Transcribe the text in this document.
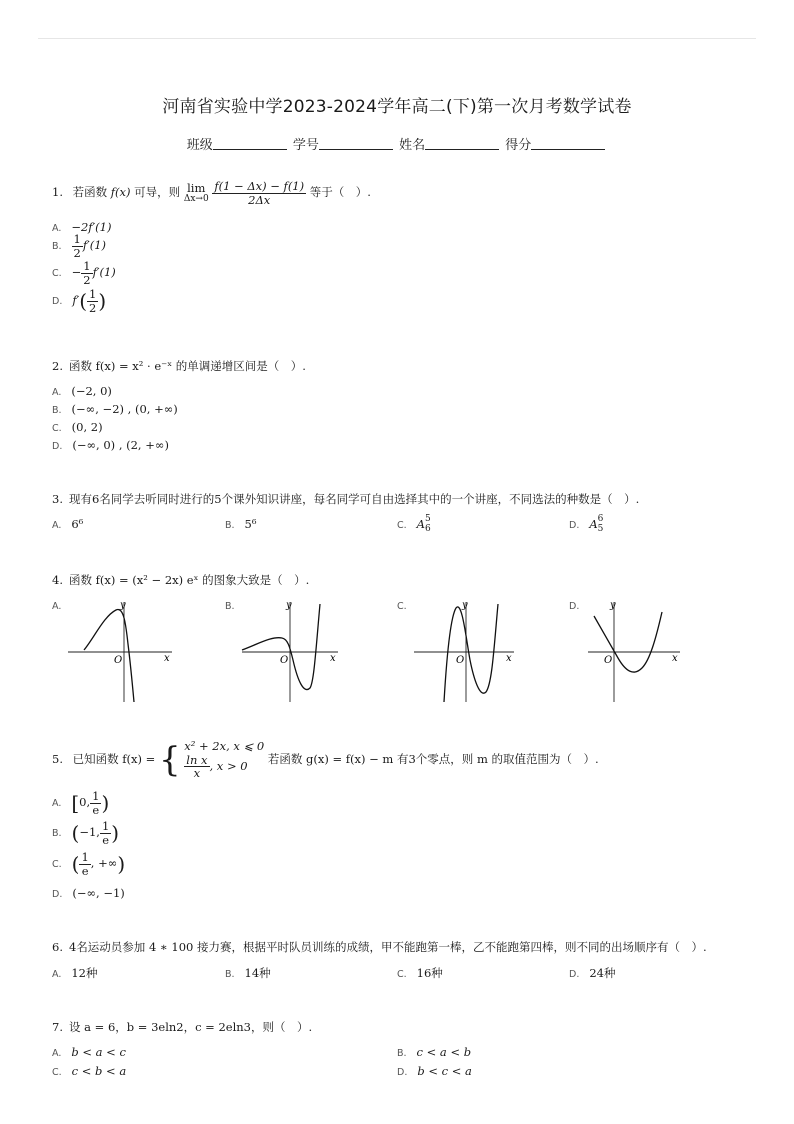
河南省实验中学2023-2024学年高二(下)第一次月考数学试卷
班级	学号	姓名	得分
1. 若函数 f(x) 可导，则 lim
Δx→0
$\frac{f(1 - \Delta x) - f(1)}{2\Delta x}$ 等于（　）.
A. −2f′(1)
B. $\frac{1}{2} f'(1)$
C. − $\frac{1}{2} f'(1)$
D. $f'( \frac{1}{2}$ )
2. 函数 f(x) = x² · e⁻ˣ 的单调递增区间是（　）.
A. (−2, 0)
B. (−∞, −2) , (0, +∞)
C. (0, 2)
D. (−∞, 0) , (2, +∞)
3. 现有6名同学去听同时进行的5个课外知识讲座，每名同学可自由选择其中的一个讲座，不同选法的种数是（　）.
A. 6⁶	B. 5⁶	C. A 5
6	D. A 6
5
4. 函数 f(x) = (x² − 2x) eˣ 的图象大致是（　）.
A.	y
x
O
B.	y
x
O
C.	y
x
O
D.	y
x
O
5. 已知函数 f(x) = { x² + 2x, x ⩽ 0
$\frac{\text{ln x}}{x}$ , x > 0	若函数 g(x) = f(x) − m 有3个零点，则 m 的取值范围为（　）.
A. [0, $\frac{1}{e}$ )
B. (−1, $\frac{1}{e}$ )
C. ( $\frac{1}{e}$ , +∞)
D. (−∞, −1)
6. 4名运动员参加 4 ∗ 100 接力赛，根据平时队员训练的成绩，甲不能跑第一棒，乙不能跑第四棒，则不同的出场顺序有（　）.
A. 12种	B. 14种	C. 16种	D. 24种
7. 设 a = 6，b = 3eln2，c = 2eln3，则（　）.
A. b < a < c	B. c < a < b
C. c < b < a	D. b < c < a
